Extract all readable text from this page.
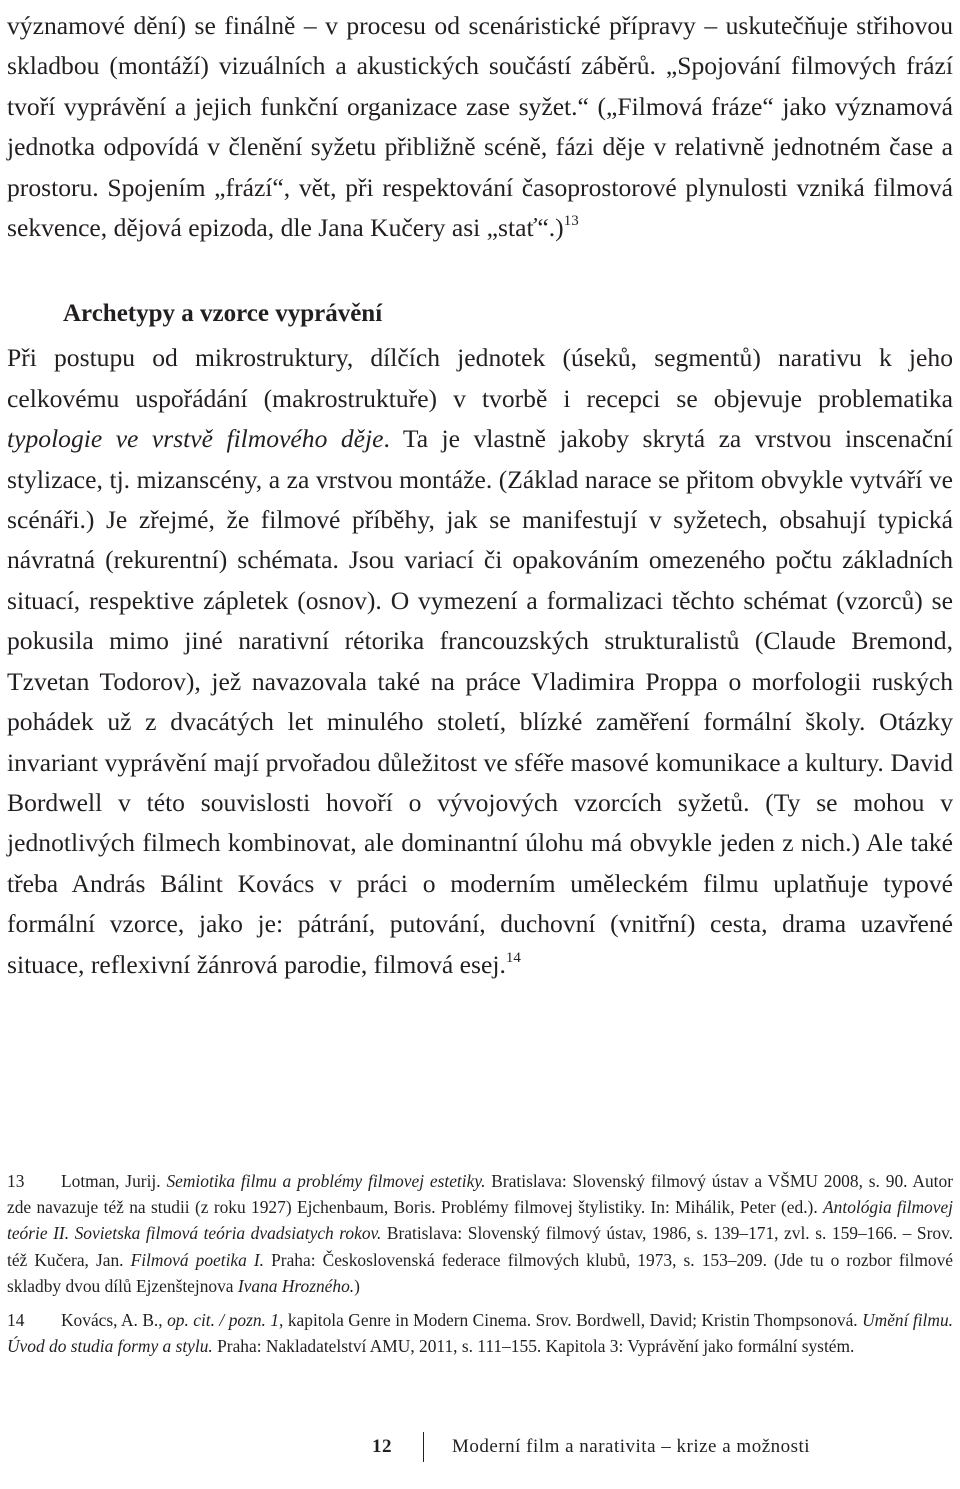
významové dění) se finálně – v procesu od scenáristické přípravy – uskutečňuje střihovou skladbou (montáží) vizuálních a akustických součástí záběrů. „Spojování filmových frází tvoří vyprávění a jejich funkční organizace zase syžet.“ („Filmová fráze“ jako významová jednotka odpovídá v členění syžetu přibližně scéně, fázi děje v relativně jednotném čase a prostoru. Spojením „frází“, vět, při respektování časoprostorové plynulosti vzniká filmová sekvence, dějová epizoda, dle Jana Kučery asi „stať“.)$^{13}$

Archetypy a vzorce vyprávění

Při postupu od mikrostruktury, dílčích jednotek (úseků, segmentů) narativu k jeho celkovému uspořádání (makrostruktuře) v tvorbě i recepci se objevuje problematika typologie ve vrstvě filmového děje. Ta je vlastně jakoby skrytá za vrstvou inscenační stylizace, tj. mizanscény, a za vrstvou montáže. (Základ narace se přitom obvykle vytváří ve scénáři.) Je zřejmé, že filmové příběhy, jak se manifestují v syžetech, obsahují typická návratná (rekurentní) schémata. Jsou variací či opakováním omezeného počtu základních situací, respektive zápletek (osnov). O vymezení a formalizaci těchto schémat (vzorců) se pokusila mimo jiné narativní rétorika francouzských strukturalistů (Claude Bremond, Tzvetan Todorov), jež navazovala také na práce Vladimira Proppa o morfologii ruských pohádek už z dvacátých let minulého století, blízké zaměření formální školy. Otázky invariant vyprávění mají prvořadou důležitost ve sféře masové komunikace a kultury. David Bordwell v této souvislosti hovoří o vývojových vzorcích syžetů. (Ty se mohou v jednotlivých filmech kombinovat, ale dominantní úlohu má obvykle jeden z nich.) Ale také třeba András Bálint Kovács v práci o moderním uměleckém filmu uplatňuje typové formální vzorce, jako je: pátrání, putování, duchovní (vnitřní) cesta, drama uzavřené situace, reflexivní žánrová parodie, filmová esej.$^{14}$

13 Lotman, Jurij. Semiotika filmu a problémy filmovej estetiky. Bratislava: Slovenský filmový ústav a VŠMU 2008, s. 90. Autor zde navazuje též na studii (z roku 1927) Ejchenbaum, Boris. Problémy filmovej štylistiky. In: Mihálik, Peter (ed.). Antológia filmovej teórie II. Sovietska filmová teória dvadsiatych rokov. Bratislava: Slovenský filmový ústav, 1986, s. 139–171, zvl. s. 159–166. – Srov. též Kučera, Jan. Filmová poetika I. Praha: Československá federace filmových klubů, 1973, s. 153–209. (Jde tu o rozbor filmové skladby dvou dílů Ejzenštejnova Ivana Hrozného.)

14 Kovács, A. B., op. cit. / pozn. 1, kapitola Genre in Modern Cinema. Srov. Bordwell, David; Kristin Thompsonová. Umění filmu. Úvod do studia formy a stylu. Praha: Nakladatelství AMU, 2011, s. 111–155. Kapitola 3: Vyprávění jako formální systém.

12	Moderní film a narativita – krize a možnosti
